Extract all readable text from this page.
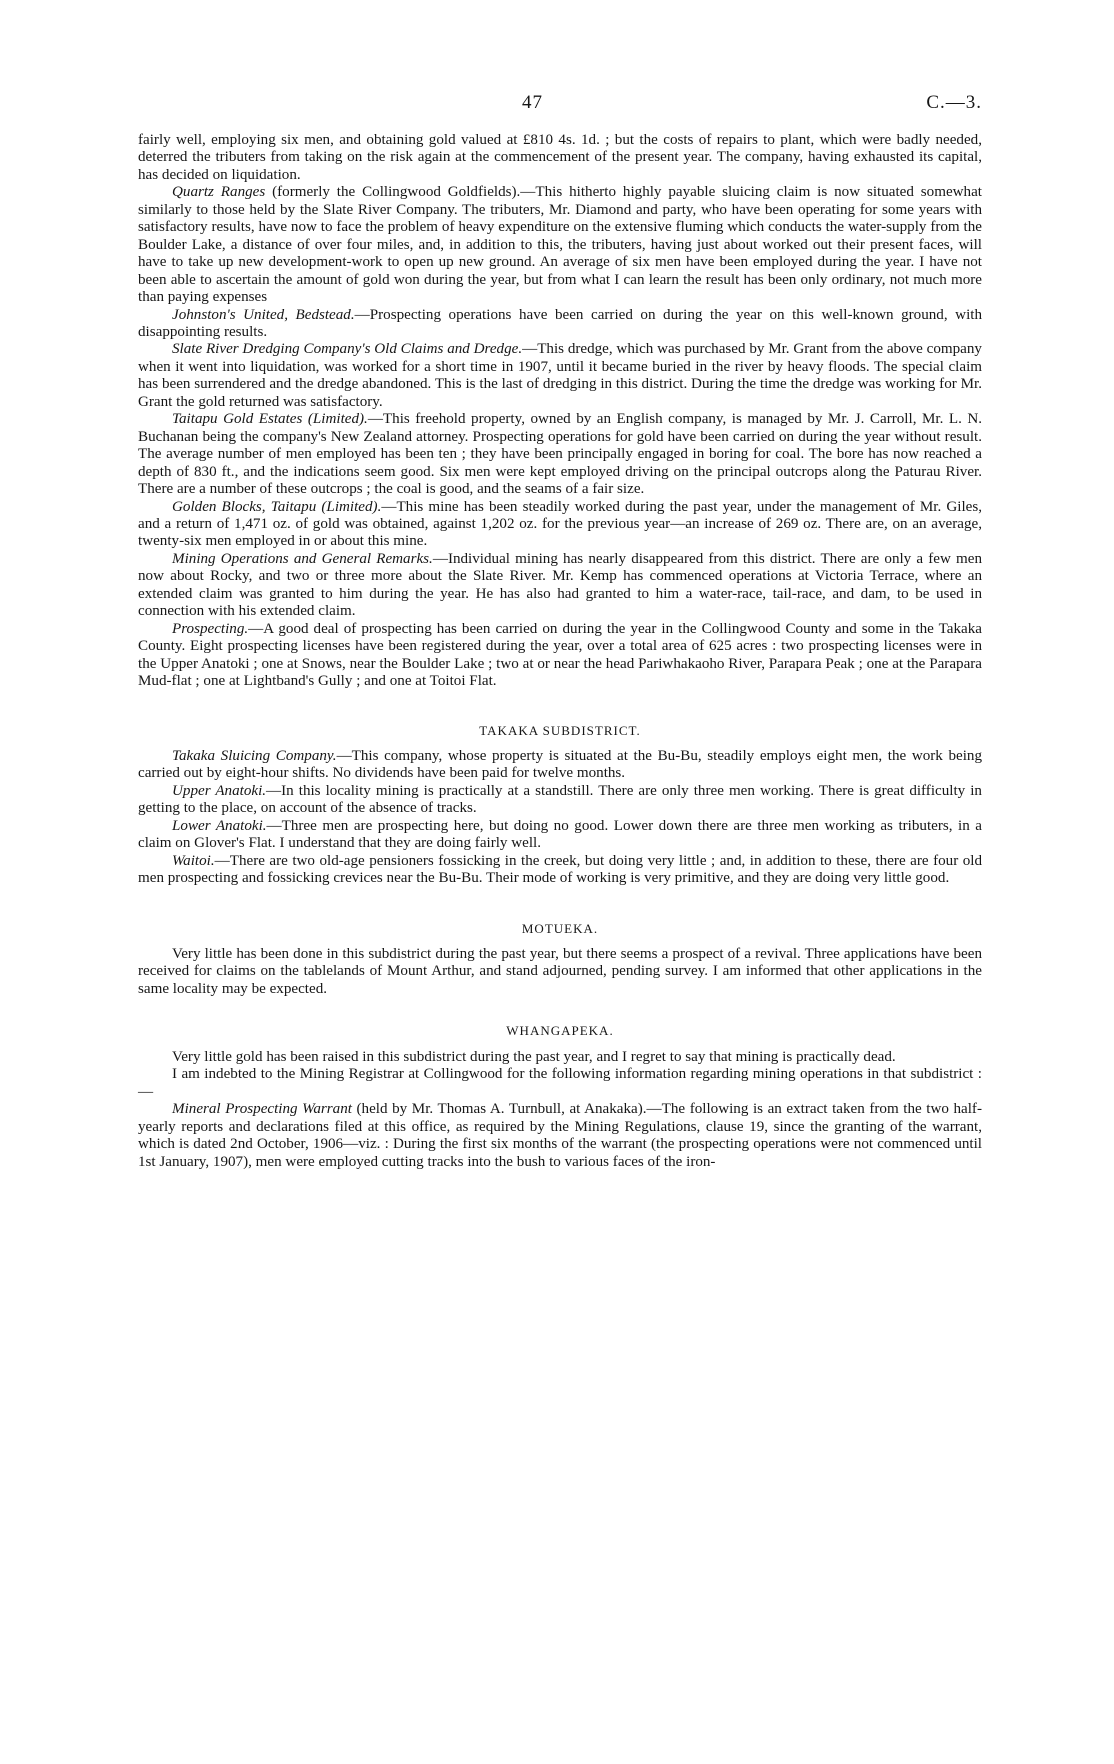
47	C.—3.

fairly well, employing six men, and obtaining gold valued at £810 4s. 1d. ; but the costs of repairs to plant, which were badly needed, deterred the tributers from taking on the risk again at the commencement of the present year. The company, having exhausted its capital, has decided on liquidation.

Quartz Ranges (formerly the Collingwood Goldfields).—This hitherto highly payable sluicing claim is now situated somewhat similarly to those held by the Slate River Company. The tributers, Mr. Diamond and party, who have been operating for some years with satisfactory results, have now to face the problem of heavy expenditure on the extensive fluming which conducts the water-supply from the Boulder Lake, a distance of over four miles, and, in addition to this, the tributers, having just about worked out their present faces, will have to take up new development-work to open up new ground. An average of six men have been employed during the year. I have not been able to ascertain the amount of gold won during the year, but from what I can learn the result has been only ordinary, not much more than paying expenses

Johnston's United, Bedstead.—Prospecting operations have been carried on during the year on this well-known ground, with disappointing results.

Slate River Dredging Company's Old Claims and Dredge.—This dredge, which was purchased by Mr. Grant from the above company when it went into liquidation, was worked for a short time in 1907, until it became buried in the river by heavy floods. The special claim has been surrendered and the dredge abandoned. This is the last of dredging in this district. During the time the dredge was working for Mr. Grant the gold returned was satisfactory.

Taitapu Gold Estates (Limited).—This freehold property, owned by an English company, is managed by Mr. J. Carroll, Mr. L. N. Buchanan being the company's New Zealand attorney. Prospecting operations for gold have been carried on during the year without result. The average number of men employed has been ten ; they have been principally engaged in boring for coal. The bore has now reached a depth of 830 ft., and the indications seem good. Six men were kept employed driving on the principal outcrops along the Paturau River. There are a number of these outcrops ; the coal is good, and the seams of a fair size.

Golden Blocks, Taitapu (Limited).—This mine has been steadily worked during the past year, under the management of Mr. Giles, and a return of 1,471 oz. of gold was obtained, against 1,202 oz. for the previous year—an increase of 269 oz. There are, on an average, twenty-six men employed in or about this mine.

Mining Operations and General Remarks.—Individual mining has nearly disappeared from this district. There are only a few men now about Rocky, and two or three more about the Slate River. Mr. Kemp has commenced operations at Victoria Terrace, where an extended claim was granted to him during the year. He has also had granted to him a water-race, tail-race, and dam, to be used in connection with his extended claim.

Prospecting.—A good deal of prospecting has been carried on during the year in the Collingwood County and some in the Takaka County. Eight prospecting licenses have been registered during the year, over a total area of 625 acres : two prospecting licenses were in the Upper Anatoki ; one at Snows, near the Boulder Lake ; two at or near the head Pariwhakaoho River, Parapara Peak ; one at the Parapara Mud-flat ; one at Lightband's Gully ; and one at Toitoi Flat.

TAKAKA SUBDISTRICT.

Takaka Sluicing Company.—This company, whose property is situated at the Bu-Bu, steadily employs eight men, the work being carried out by eight-hour shifts. No dividends have been paid for twelve months.

Upper Anatoki.—In this locality mining is practically at a standstill. There are only three men working. There is great difficulty in getting to the place, on account of the absence of tracks.

Lower Anatoki.—Three men are prospecting here, but doing no good. Lower down there are three men working as tributers, in a claim on Glover's Flat. I understand that they are doing fairly well.

Waitoi.—There are two old-age pensioners fossicking in the creek, but doing very little ; and, in addition to these, there are four old men prospecting and fossicking crevices near the Bu-Bu. Their mode of working is very primitive, and they are doing very little good.

MOTUEKA.

Very little has been done in this subdistrict during the past year, but there seems a prospect of a revival. Three applications have been received for claims on the tablelands of Mount Arthur, and stand adjourned, pending survey. I am informed that other applications in the same locality may be expected.

WHANGAPEKA.

Very little gold has been raised in this subdistrict during the past year, and I regret to say that mining is practically dead.

I am indebted to the Mining Registrar at Collingwood for the following information regarding mining operations in that subdistrict :—

Mineral Prospecting Warrant (held by Mr. Thomas A. Turnbull, at Anakaka).—The following is an extract taken from the two half-yearly reports and declarations filed at this office, as required by the Mining Regulations, clause 19, since the granting of the warrant, which is dated 2nd October, 1906—viz. : During the first six months of the warrant (the prospecting operations were not commenced until 1st January, 1907), men were employed cutting tracks into the bush to various faces of the iron-
